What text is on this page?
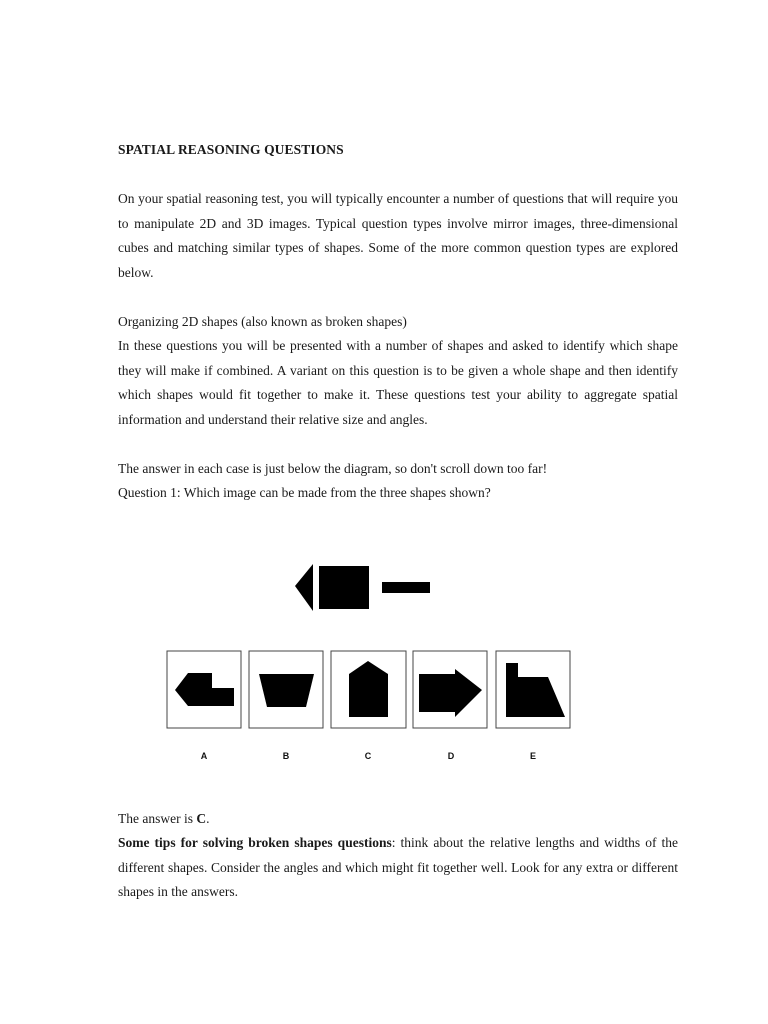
SPATIAL REASONING QUESTIONS

On your spatial reasoning test, you will typically encounter a number of questions that will require you to manipulate 2D and 3D images. Typical question types involve mirror images, three-dimensional cubes and matching similar types of shapes. Some of the more common question types are explored below.

Organizing 2D shapes (also known as broken shapes)

In these questions you will be presented with a number of shapes and asked to identify which shape they will make if combined. A variant on this question is to be given a whole shape and then identify which shapes would fit together to make it. These questions test your ability to aggregate spatial information and understand their relative size and angles.

The answer in each case is just below the diagram, so don't scroll down too far!

Question 1: Which image can be made from the three shapes shown?

The answer is C.

Some tips for solving broken shapes questions: think about the relative lengths and widths of the different shapes. Consider the angles and which might fit together well. Look for any extra or different shapes in the answers.

A	B	C	D	E
